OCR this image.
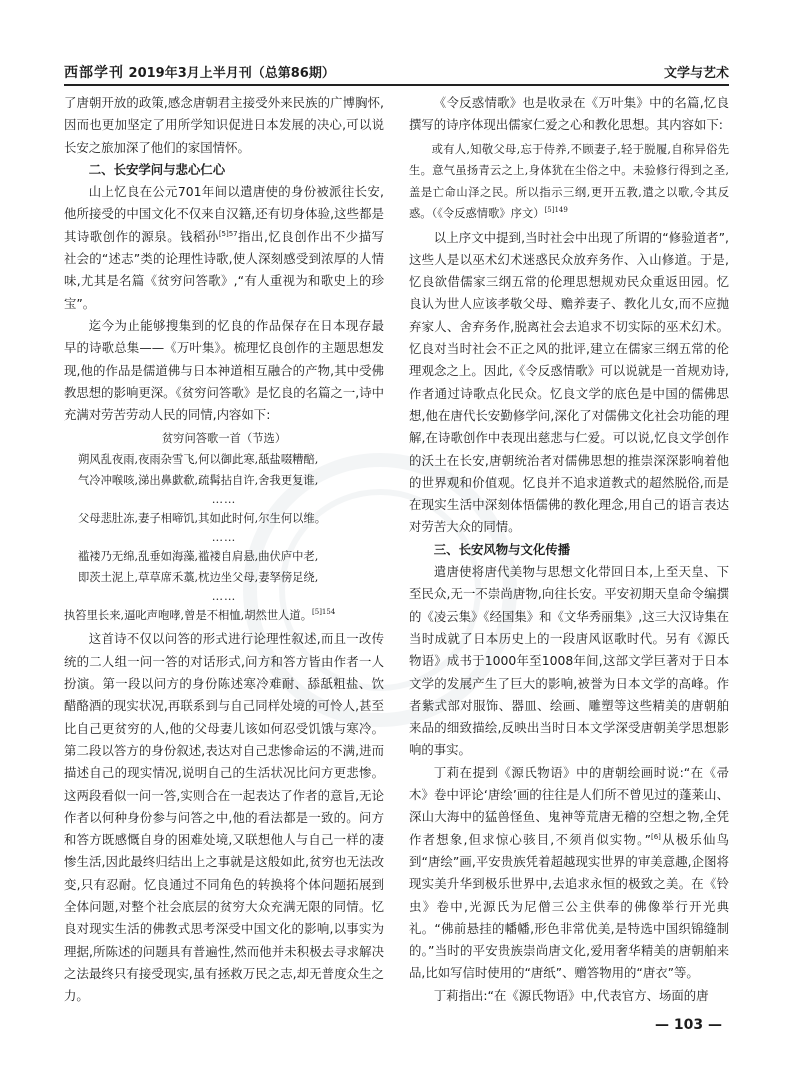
西部学刊 2019年3月上半月刊（总第86期）	文学与艺术

了唐朝开放的政策,感念唐朝君主接受外来民族的广博胸怀,因而也更加坚定了用所学知识促进日本发展的决心,可以说长安之旅加深了他们的家国情怀。

二、长安学问与悲心仁心

山上忆良在公元701年间以遣唐使的身份被派往长安,他所接受的中国文化不仅来自汉籍,还有切身体验,这些都是其诗歌创作的源泉。钱稻孙$^{[5]57}$指出,忆良创作出不少描写社会的“述志”类的论理性诗歌,使人深刻感受到浓厚的人情味,尤其是名篇《贫穷问答歌》,“有人重视为和歌史上的珍宝”。

迄今为止能够搜集到的忆良的作品保存在日本现存最早的诗歌总集——《万叶集》。梳理忆良创作的主题思想发现,他的作品是儒道佛与日本神道相互融合的产物,其中受佛教思想的影响更深。《贫穷问答歌》是忆良的名篇之一,诗中充满对劳苦劳动人民的同情,内容如下:

贫穷问答歌一首（节选）
朔风乱夜雨,夜雨杂雪飞,何以御此寒,舐盐啜糟醅,
气冷冲喉咳,涕出鼻歔欷,疏髯拈自许,舍我更复谁,
……
父母悲肚冻,妻子相啼饥,其如此时何,尔生何以维。
……
褴褛乃无绵,乱垂如海藻,褴褛自肩悬,曲伏庐中老,
即茨土泥上,草草席禾藁,枕边坐父母,妻孥傍足绕,
……
执笞里长来,逼叱声咆哮,曾是不相恤,胡然世人道。$^{[5]154}$

这首诗不仅以问答的形式进行论理性叙述,而且一改传统的二人组一问一答的对话形式,问方和答方皆由作者一人扮演。第一段以问方的身份陈述寒冷难耐、舔舐粗盐、饮醋酪酒的现实状况,再联系到与自己同样处境的可怜人,甚至比自己更贫穷的人,他的父母妻儿该如何忍受饥饿与寒冷。第二段以答方的身份叙述,表达对自己悲惨命运的不满,进而描述自己的现实情况,说明自己的生活状况比问方更悲惨。这两段看似一问一答,实则合在一起表达了作者的意旨,无论作者以何种身份参与问答之中,他的看法都是一致的。问方和答方既感慨自身的困难处境,又联想他人与自己一样的凄惨生活,因此最终归结出上之事就是这般如此,贫穷也无法改变,只有忍耐。忆良通过不同角色的转换将个体问题拓展到全体问题,对整个社会底层的贫穷大众充满无限的同情。忆良对现实生活的佛教式思考深受中国文化的影响,以事实为理据,所陈述的问题具有普遍性,然而他并未积极去寻求解决之法最终只有接受现实,虽有拯救万民之志,却无普度众生之力。

《令反惑情歌》也是收录在《万叶集》中的名篇,忆良撰写的诗序体现出儒家仁爱之心和教化思想。其内容如下:

或有人,知敬父母,忘于侍养,不顾妻子,轻于脱履,自称异俗先生。意气虽扬青云之上,身体犹在尘俗之中。未验修行得到之圣,盖是亡命山泽之民。所以指示三纲,更开五教,遣之以歌,令其反惑。（《令反惑情歌》序文）$^{[5]149}$

以上序文中提到,当时社会中出现了所谓的“修验道者”,这些人是以巫术幻术迷惑民众放弃务作、入山修道。于是,忆良欲借儒家三纲五常的伦理思想规劝民众重返田园。忆良认为世人应该孝敬父母、赡养妻子、教化儿女,而不应抛弃家人、舍弃务作,脱离社会去追求不切实际的巫术幻术。忆良对当时社会不正之风的批评,建立在儒家三纲五常的伦理观念之上。因此,《令反惑情歌》可以说就是一首规劝诗,作者通过诗歌点化民众。忆良文学的底色是中国的儒佛思想,他在唐代长安勤修学问,深化了对儒佛文化社会功能的理解,在诗歌创作中表现出慈悲与仁爱。可以说,忆良文学创作的沃土在长安,唐朝统治者对儒佛思想的推崇深深影响着他的世界观和价值观。忆良并不追求道教式的超然脱俗,而是在现实生活中深刻体悟儒佛的教化理念,用自己的语言表达对劳苦大众的同情。

三、长安风物与文化传播

遣唐使将唐代美物与思想文化带回日本,上至天皇、下至民众,无一不崇尚唐物,向往长安。平安初期天皇命令编撰的《凌云集》《经国集》和《文华秀丽集》,这三大汉诗集在当时成就了日本历史上的一段唐风讴歌时代。另有《源氏物语》成书于1000年至1008年间,这部文学巨著对于日本文学的发展产生了巨大的影响,被誉为日本文学的高峰。作者紫式部对服饰、器皿、绘画、雕塑等这些精美的唐朝舶来品的细致描绘,反映出当时日本文学深受唐朝美学思想影响的事实。

丁莉在提到《源氏物语》中的唐朝绘画时说:“在《帚木》卷中评论‘唐绘’画的往往是人们所不曾见过的蓬莱山、深山大海中的猛兽怪鱼、鬼神等荒唐无稽的空想之物,全凭作者想象,但求惊心骇目,不须肖似实物。”[6]从极乐仙鸟到“唐绘”画,平安贵族凭着超越现实世界的审美意趣,企图将现实美升华到极乐世界中,去追求永恒的极致之美。在《铃虫》卷中,光源氏为尼僧三公主供奉的佛像举行开光典礼。“佛前悬挂的幡幡,形色非常优美,是特选中国织锦缝制的。”当时的平安贵族崇尚唐文化,爱用奢华精美的唐朝舶来品,比如写信时使用的“唐纸”、赠答物用的“唐衣”等。

丁莉指出:“在《源氏物语》中,代表官方、场面的唐

— 103 —
